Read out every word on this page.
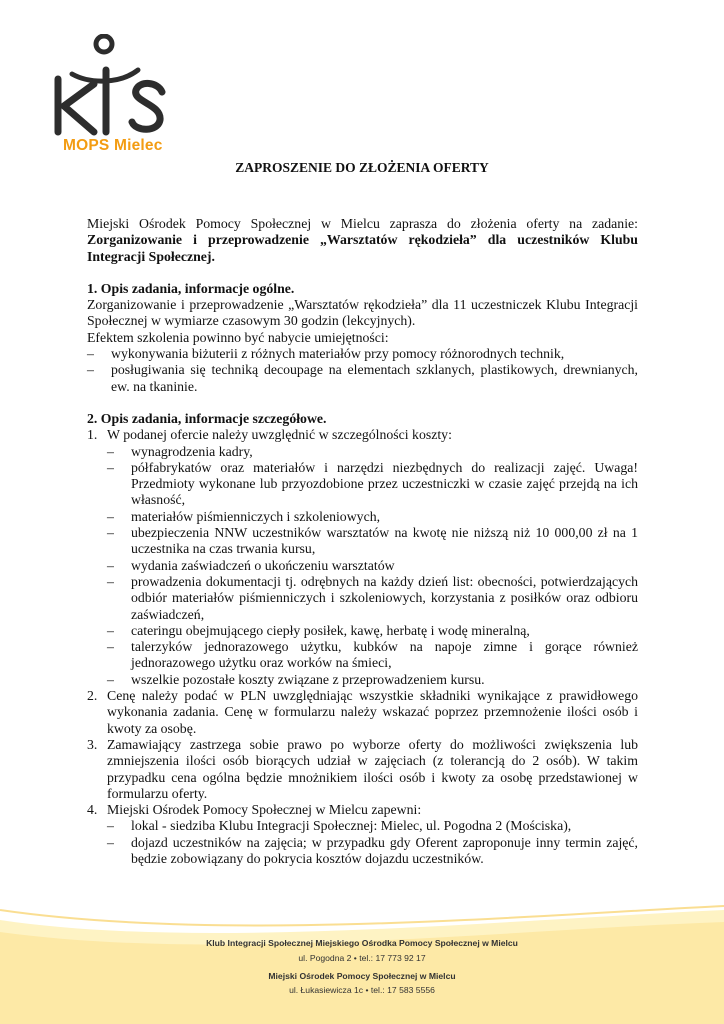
MOPS Mielec
ZAPROSZENIE DO ZŁOŻENIA OFERTY

Miejski Ośrodek Pomocy Społecznej w Mielcu zaprasza do złożenia oferty na zadanie: Zorganizowanie i przeprowadzenie „Warsztatów rękodzieła” dla uczestników Klubu Integracji Społecznej.

1. Opis zadania, informacje ogólne.

Zorganizowanie i przeprowadzenie „Warsztatów rękodzieła” dla 11 uczestniczek Klubu Integracji Społecznej w wymiarze czasowym 30 godzin (lekcyjnych).

Efektem szkolenia powinno być nabycie umiejętności:

– wykonywania biżuterii z różnych materiałów przy pomocy różnorodnych technik,

– posługiwania się techniką decoupage na elementach szklanych, plastikowych, drewnianych, ew. na tkaninie.

2. Opis zadania, informacje szczegółowe.

1. W podanej ofercie należy uwzględnić w szczególności koszty:

– wynagrodzenia kadry,

– półfabrykatów oraz materiałów i narzędzi niezbędnych do realizacji zajęć. Uwaga! Przedmioty wykonane lub przyozdobione przez uczestniczki w czasie zajęć przejdą na ich własność,

– materiałów piśmienniczych i szkoleniowych,

– ubezpieczenia NNW uczestników warsztatów na kwotę nie niższą niż 10 000,00 zł na 1 uczestnika na czas trwania kursu,

– wydania zaświadczeń o ukończeniu warsztatów

– prowadzenia dokumentacji tj. odrębnych na każdy dzień list: obecności, potwierdzających odbiór materiałów piśmienniczych i szkoleniowych, korzystania z posiłków oraz odbioru zaświadczeń,

– cateringu obejmującego ciepły posiłek, kawę, herbatę i wodę mineralną,

– talerzyków jednorazowego użytku, kubków na napoje zimne i gorące również jednorazowego użytku oraz worków na śmieci,

– wszelkie pozostałe koszty związane z przeprowadzeniem kursu.

2. Cenę należy podać w PLN uwzględniając wszystkie składniki wynikające z prawidłowego wykonania zadania. Cenę w formularzu należy wskazać poprzez przemnożenie ilości osób i kwoty za osobę.
3. Zamawiający zastrzega sobie prawo po wyborze oferty do możliwości zwiększenia lub zmniejszenia ilości osób biorących udział w zajęciach (z tolerancją do 2 osób). W takim przypadku cena ogólna będzie mnożnikiem ilości osób i kwoty za osobę przedstawionej w formularzu oferty.
4. Miejski Ośrodek Pomocy Społecznej w Mielcu zapewni:

– lokal - siedziba Klubu Integracji Społecznej: Mielec, ul. Pogodna 2 (Mościska),

– dojazd uczestników na zajęcia; w przypadku gdy Oferent zaproponuje inny termin zajęć, będzie zobowiązany do pokrycia kosztów dojazdu uczestników.

Klub Integracji Społecznej Miejskiego Ośrodka Pomocy Społecznej w Mielcu
ul. Pogodna 2 • tel.: 17 773 92 17
Miejski Ośrodek Pomocy Społecznej w Mielcu
ul. Łukasiewicza 1c • tel.: 17 583 5556
